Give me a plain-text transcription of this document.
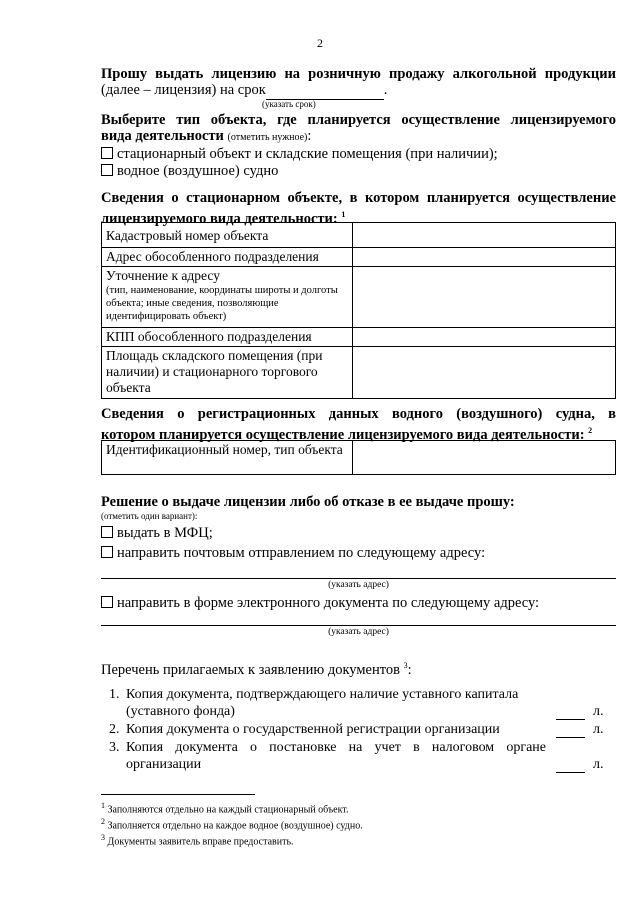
2
Прошу выдать лицензию на розничную продажу алкогольной продукции
(далее – лицензия) на срок	.
(указать срок)
Выберите тип объекта, где планируется осуществление лицензируемого
вида деятельности (отметить нужное):
стационарный объект и складские помещения (при наличии);
водное (воздушное) судно
Сведения о стационарном объекте, в котором планируется осуществление
лицензируемого вида деятельности: $^1$
Кадастровый номер объекта	
Адрес обособленного подразделения	

Уточнение к адресу
(тип, наименование, координаты широты и долготы объекта; иные сведения, позволяющие идентифицировать объект)	

КПП обособленного подразделения	
Площадь складского помещения (при наличии) и стационарного торгового объекта	
Сведения о регистрационных данных водного (воздушного) судна, в
котором планируется осуществление лицензируемого вида деятельности: $^2$
Идентификационный номер, тип объекта	
Решение о выдаче лицензии либо об отказе в ее выдаче прошу:
(отметить один вариант):
выдать в МФЦ;
направить почтовым отправлением по следующему адресу:
(указать адрес)
направить в форме электронного документа по следующему адресу:
(указать адрес)
Перечень прилагаемых к заявлению документов $^3$:
1. Копия документа, подтверждающего наличие уставного капитала
(уставного фонда)	л.
2. Копия документа о государственной регистрации организации	л.
3. Копия документа о постановке на учет в налоговом органе
организации	л.
$^1$ Заполняются отдельно на каждый стационарный объект.
$^2$ Заполняется отдельно на каждое водное (воздушное) судно.
$^3$ Документы заявитель вправе предоставить.
